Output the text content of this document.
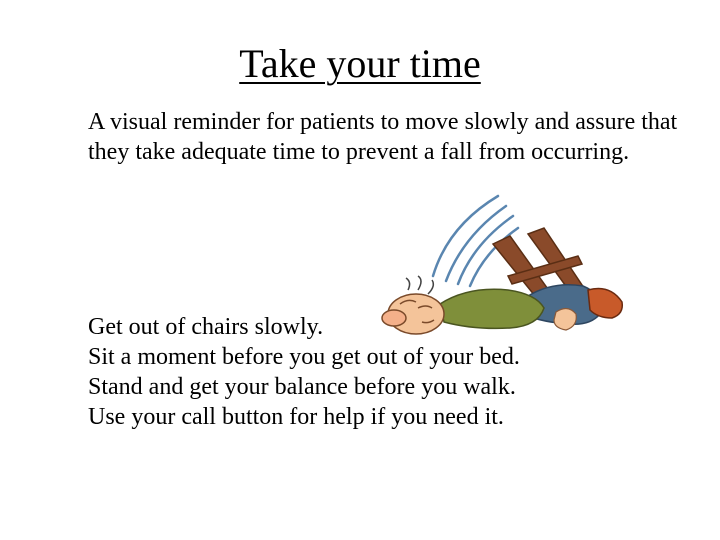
Take your time

A visual reminder for patients to move slowly and assure that they take adequate time to prevent a fall from occurring.

Get out of chairs slowly.
Sit a moment before you get out of your bed.
Stand and get your balance before you walk.
Use your call button for help if you need it.
